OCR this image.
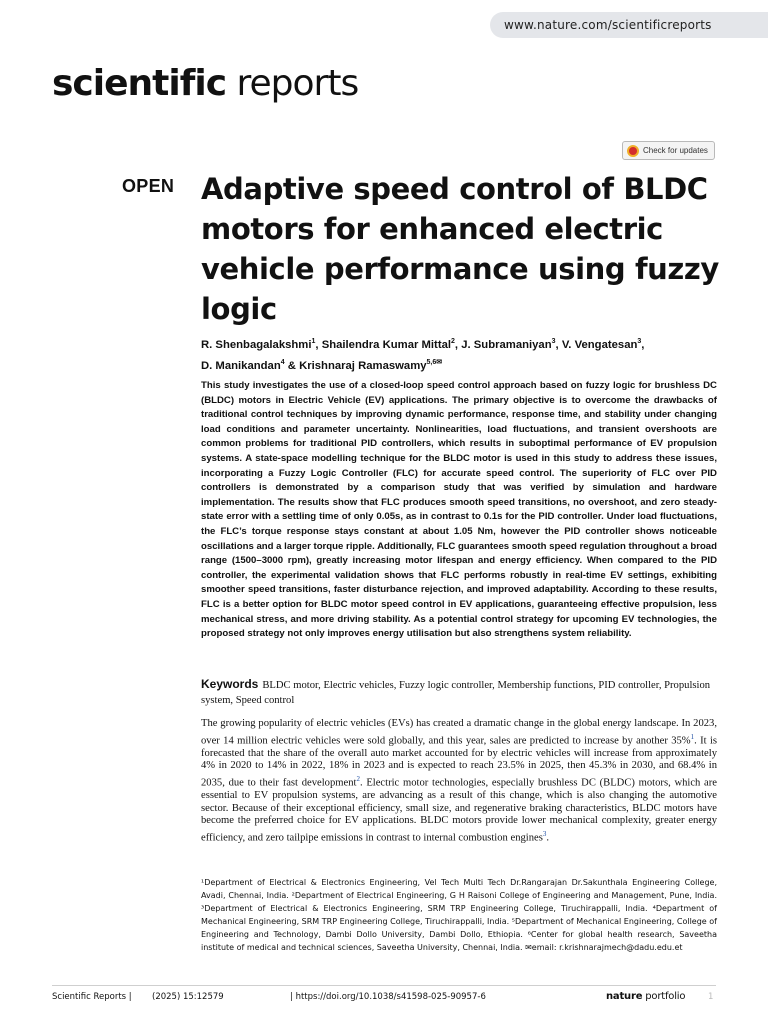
www.nature.com/scientificreports
scientific reports
Check for updates
OPEN Adaptive speed control of BLDC motors for enhanced electric vehicle performance using fuzzy logic
R. Shenbagalakshmi$^1$, Shailendra Kumar Mittal$^2$, J. Subramaniyan$^3$, V. Vengatesan$^3$,
D. Manikandan$^4$ & Krishnaraj Ramaswamy$^{5,6✉}$

This study investigates the use of a closed-loop speed control approach based on fuzzy logic for brushless DC (BLDC) motors in Electric Vehicle (EV) applications. The primary objective is to overcome the drawbacks of traditional control techniques by improving dynamic performance, response time, and stability under changing load conditions and parameter uncertainty. Nonlinearities, load fluctuations, and transient overshoots are common problems for traditional PID controllers, which results in suboptimal performance of EV propulsion systems. A state-space modelling technique for the BLDC motor is used in this study to address these issues, incorporating a Fuzzy Logic Controller (FLC) for accurate speed control. The superiority of FLC over PID controllers is demonstrated by a comparison study that was verified by simulation and hardware implementation. The results show that FLC produces smooth speed transitions, no overshoot, and zero steady-state error with a settling time of only 0.05s, as in contrast to 0.1s for the PID controller. Under load fluctuations, the FLC’s torque response stays constant at about 1.05 Nm, however the PID controller shows noticeable oscillations and a larger torque ripple. Additionally, FLC guarantees smooth speed regulation throughout a broad range (1500–3000 rpm), greatly increasing motor lifespan and energy efficiency. When compared to the PID controller, the experimental validation shows that FLC performs robustly in real-time EV settings, exhibiting smoother speed transitions, faster disturbance rejection, and improved adaptability. According to these results, FLC is a better option for BLDC motor speed control in EV applications, guaranteeing effective propulsion, less mechanical stress, and more driving stability. As a potential control strategy for upcoming EV technologies, the proposed strategy not only improves energy utilisation but also strengthens system reliability.

Keywords BLDC motor, Electric vehicles, Fuzzy logic controller, Membership functions, PID controller, Propulsion system, Speed control

The growing popularity of electric vehicles (EVs) has created a dramatic change in the global energy landscape. In 2023, over 14 million electric vehicles were sold globally, and this year, sales are predicted to increase by another 35%$^1$. It is forecasted that the share of the overall auto market accounted for by electric vehicles will increase from approximately 4% in 2020 to 14% in 2022, 18% in 2023 and is expected to reach 23.5% in 2025, then 45.3% in 2030, and 68.4% in 2035, due to their fast development$^2$. Electric motor technologies, especially brushless DC (BLDC) motors, which are essential to EV propulsion systems, are advancing as a result of this change, which is also changing the automotive sector. Because of their exceptional efficiency, small size, and regenerative braking characteristics, BLDC motors have become the preferred choice for EV applications. BLDC motors provide lower mechanical complexity, greater energy efficiency, and zero tailpipe emissions in contrast to internal combustion engines$^3$.

¹Department of Electrical & Electronics Engineering, Vel Tech Multi Tech Dr.Rangarajan Dr.Sakunthala Engineering College, Avadi, Chennai, India. ²Department of Electrical Engineering, G H Raisoni College of Engineering and Management, Pune, India. ³Department of Electrical & Electronics Engineering, SRM TRP Engineering College, Tiruchirappalli, India. ⁴Department of Mechanical Engineering, SRM TRP Engineering College, Tiruchirappalli, India. ⁵Department of Mechanical Engineering, College of Engineering and Technology, Dambi Dollo University, Dambi Dollo, Ethiopia. ⁶Center for global health research, Saveetha institute of medical and technical sciences, Saveetha University, Chennai, India. ✉email: r.krishnarajmech@dadu.edu.et

Scientific Reports | (2025) 15:12579	| https://doi.org/10.1038/s41598-025-90957-6	nature portfolio	1
